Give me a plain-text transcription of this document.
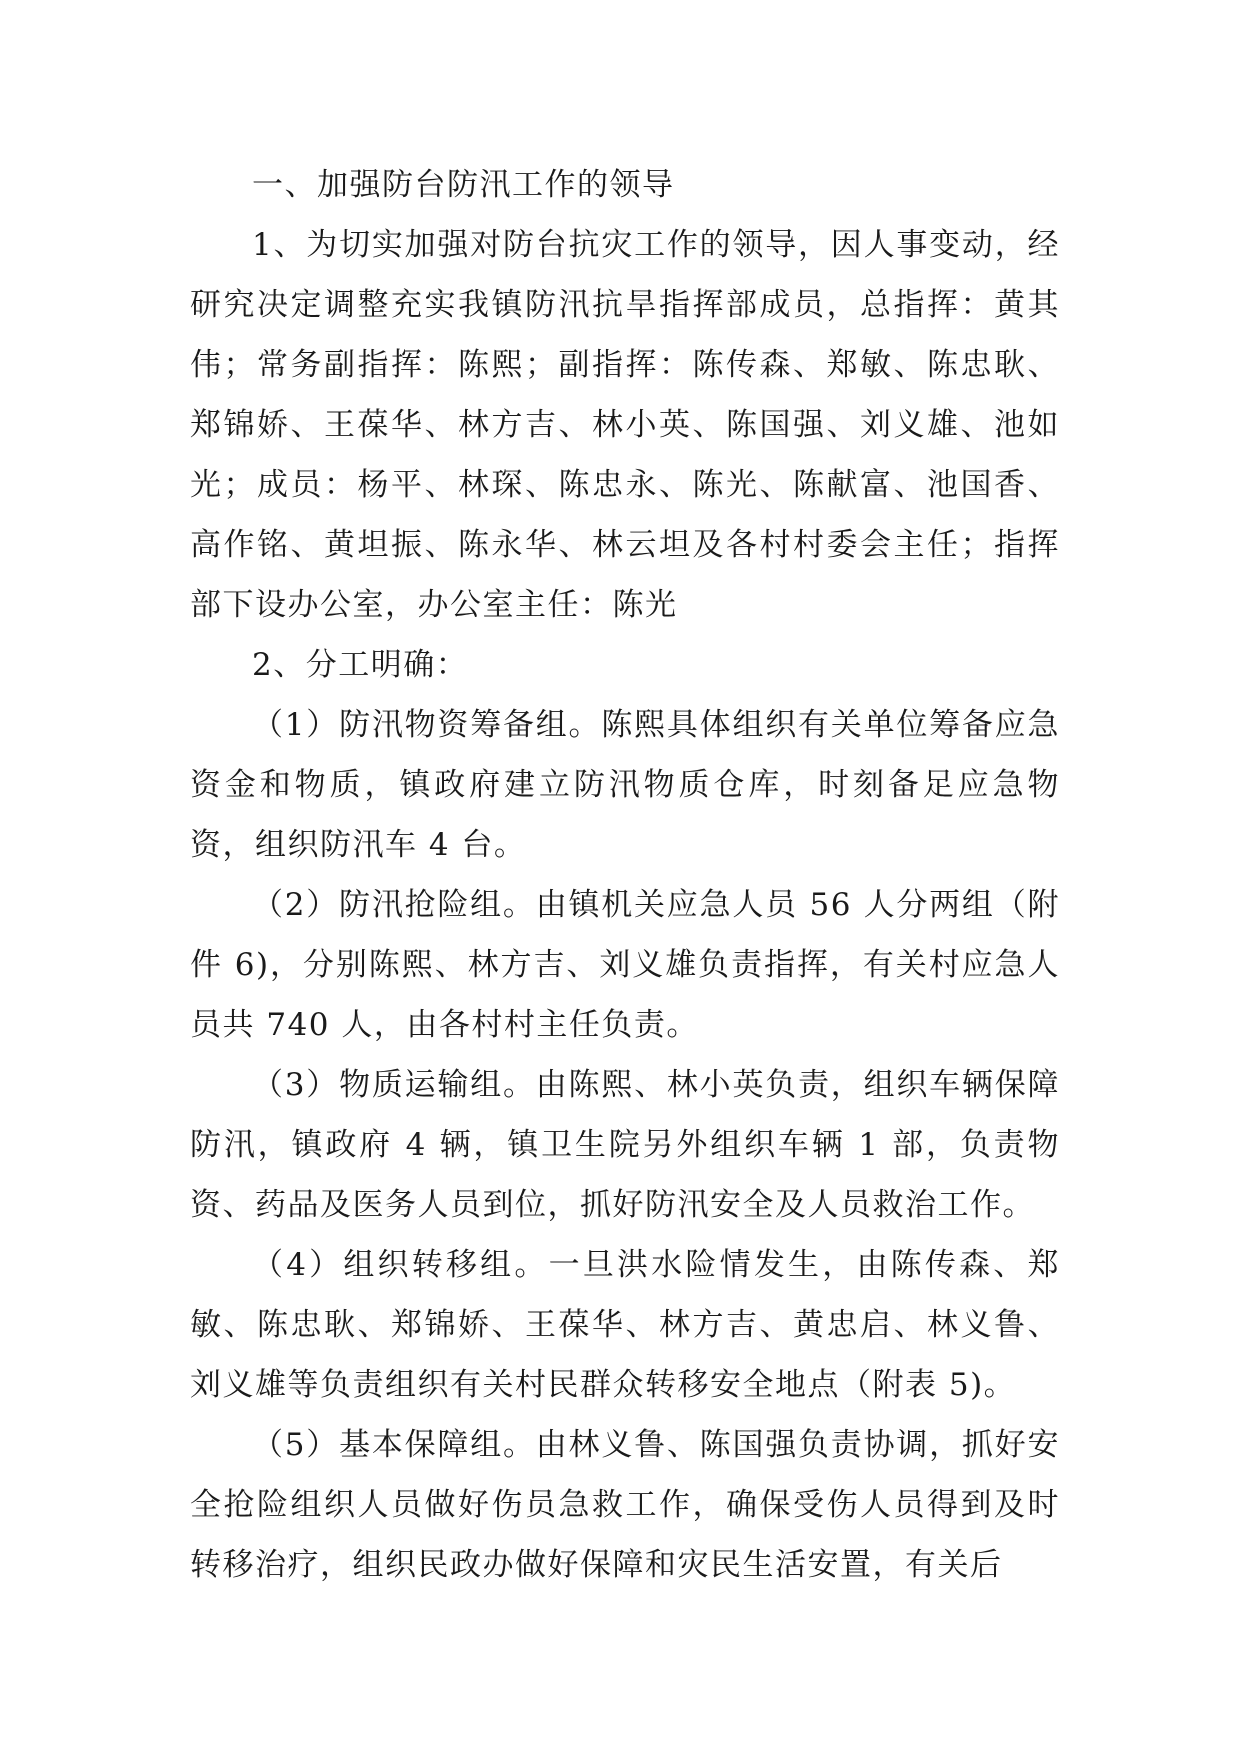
一、加强防台防汛工作的领导

1、为切实加强对防台抗灾工作的领导，因人事变动，经研究决定调整充实我镇防汛抗旱指挥部成员，总指挥：黄其伟；常务副指挥：陈熙；副指挥：陈传森、郑敏、陈忠耿、郑锦娇、王葆华、林方吉、林小英、陈国强、刘义雄、池如光；成员：杨平、林琛、陈忠永、陈光、陈献富、池国香、高作铭、黄坦振、陈永华、林云坦及各村村委会主任；指挥部下设办公室，办公室主任：陈光

2、分工明确：

（1）防汛物资筹备组。陈熙具体组织有关单位筹备应急资金和物质，镇政府建立防汛物质仓库，时刻备足应急物资，组织防汛车 4 台。

（2）防汛抢险组。由镇机关应急人员 56 人分两组（附件 6)，分别陈熙、林方吉、刘义雄负责指挥，有关村应急人员共 740 人，由各村村主任负责。

（3）物质运输组。由陈熙、林小英负责，组织车辆保障防汛，镇政府 4 辆，镇卫生院另外组织车辆 1 部，负责物资、药品及医务人员到位，抓好防汛安全及人员救治工作。

（4）组织转移组。一旦洪水险情发生，由陈传森、郑敏、陈忠耿、郑锦娇、王葆华、林方吉、黄忠启、林义鲁、刘义雄等负责组织有关村民群众转移安全地点（附表 5)。

（5）基本保障组。由林义鲁、陈国强负责协调，抓好安全抢险组织人员做好伤员急救工作，确保受伤人员得到及时转移治疗，组织民政办做好保障和灾民生活安置，有关后
